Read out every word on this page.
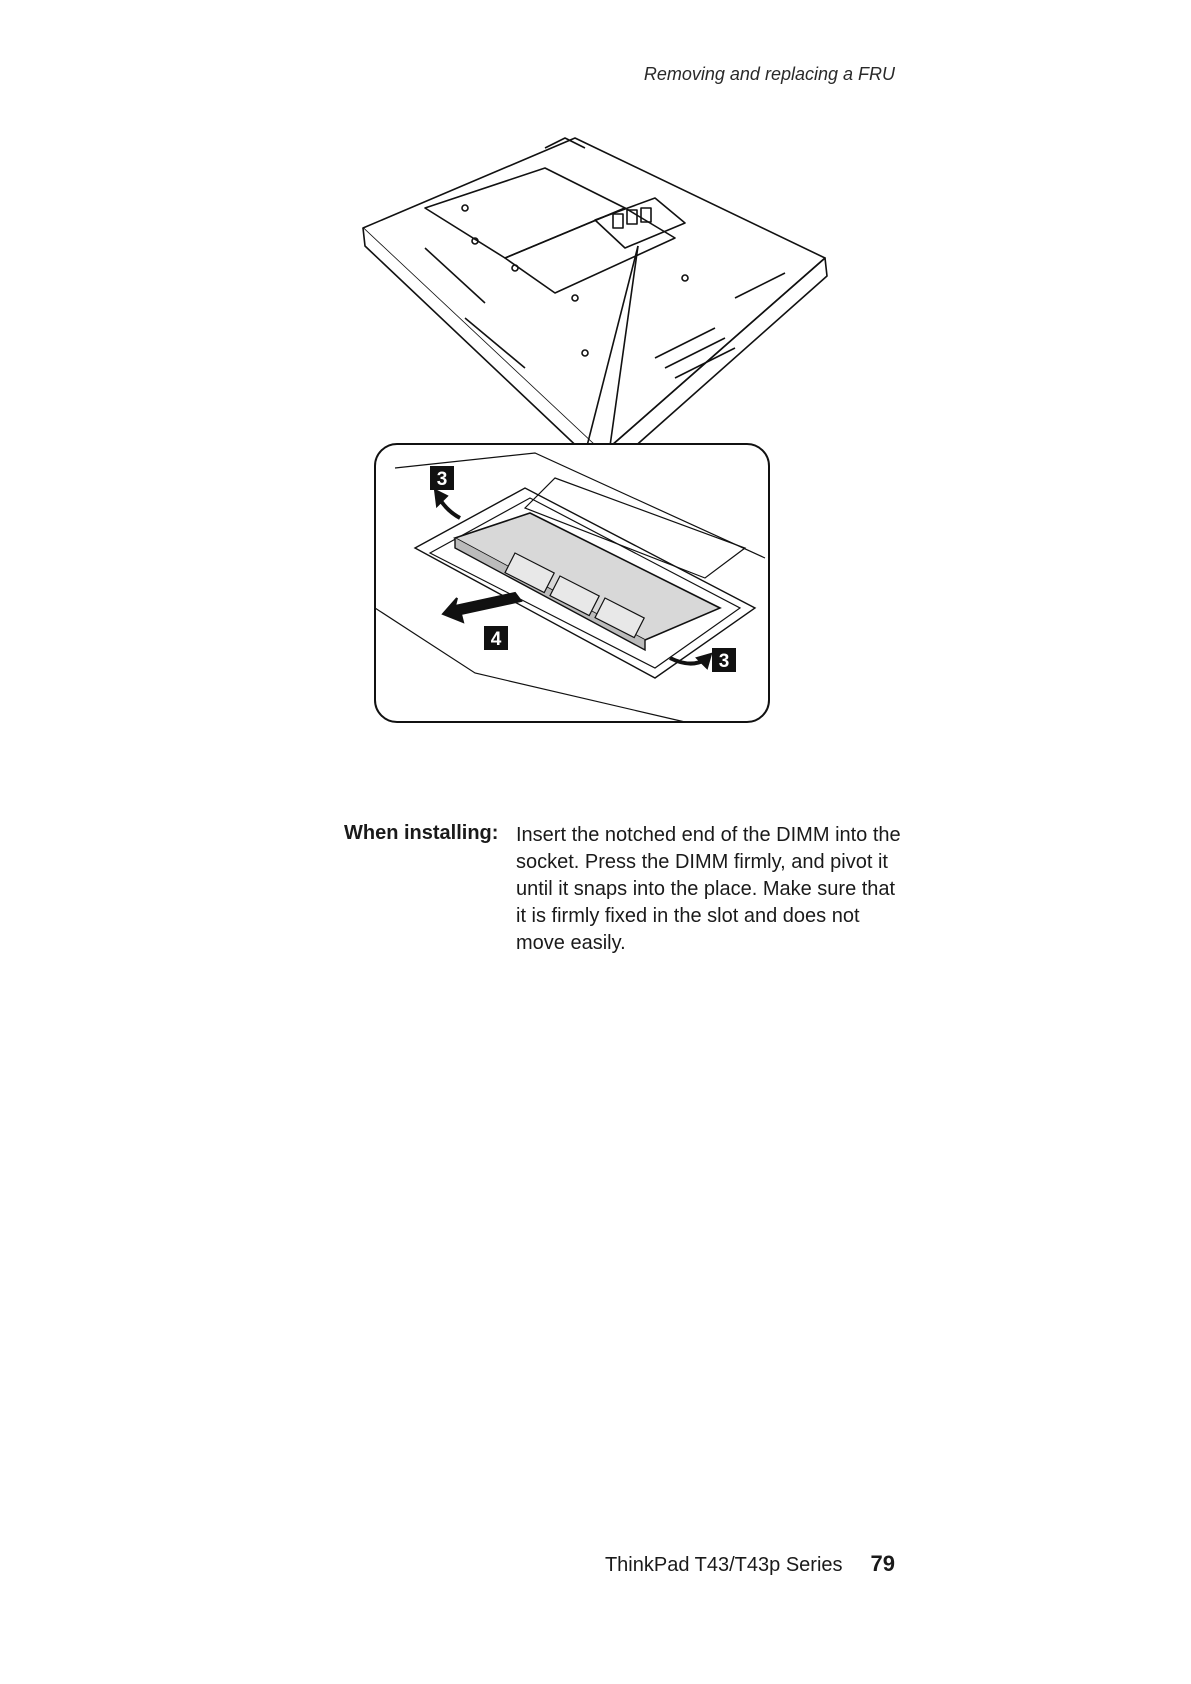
Removing and replacing a FRU
3
4
3
When installing: Insert the notched end of the DIMM into the socket. Press the DIMM firmly, and pivot it until it snaps into the place. Make sure that it is firmly fixed in the slot and does not move easily.
ThinkPad T43/T43p Series 79
